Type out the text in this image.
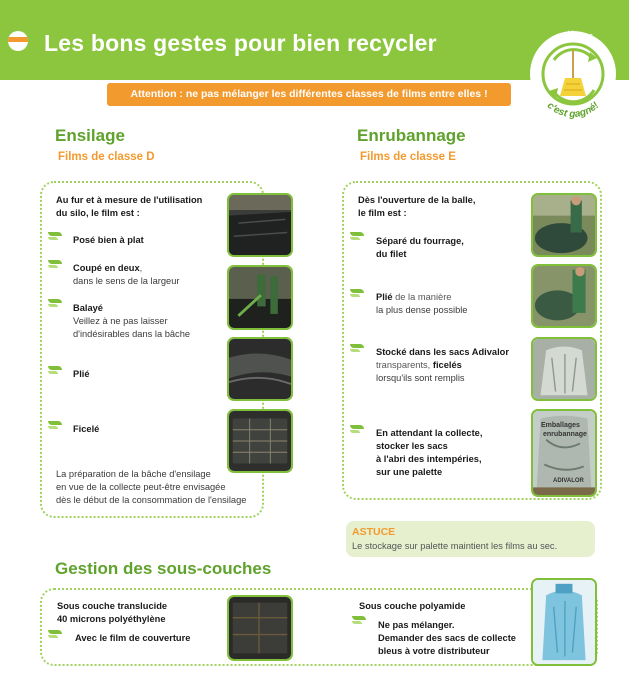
Les bons gestes pour bien recycler	nettoyé
c'est gagné!
Attention : ne pas mélanger les différentes classes de films entre elles !
Ensilage
Films de classe D
Au fur et à mesure de l'utilisation
du silo, le film est :
Posé bien à plat
Coupé en deux,
dans le sens de la largeur
Balayé
Veillez à ne pas laisser
d'indésirables dans la bâche
Plié
Ficelé
La préparation de la bâche d'ensilage
en vue de la collecte peut-être envisagée
dès le début de la consommation de l'ensilage
Enrubannage
Films de classe E
Dès l'ouverture de la balle,
le film est :
Séparé du fourrage,
du filet
Plié de la manière
la plus dense possible
Stocké dans les sacs Adivalor
transparents, ficelés
lorsqu'ils sont remplis
En attendant la collecte,
stocker les sacs
à l'abri des intempéries,
sur une palette
Emballages
enrubannage
ADIVALOR
ASTUCE
Le stockage sur palette maintient les films au sec.
Gestion des sous-couches
Sous couche translucide
40 microns polyéthylène
Avec le film de couverture
Sous couche polyamide
Ne pas mélanger.
Demander des sacs de collecte
bleus à votre distributeur
